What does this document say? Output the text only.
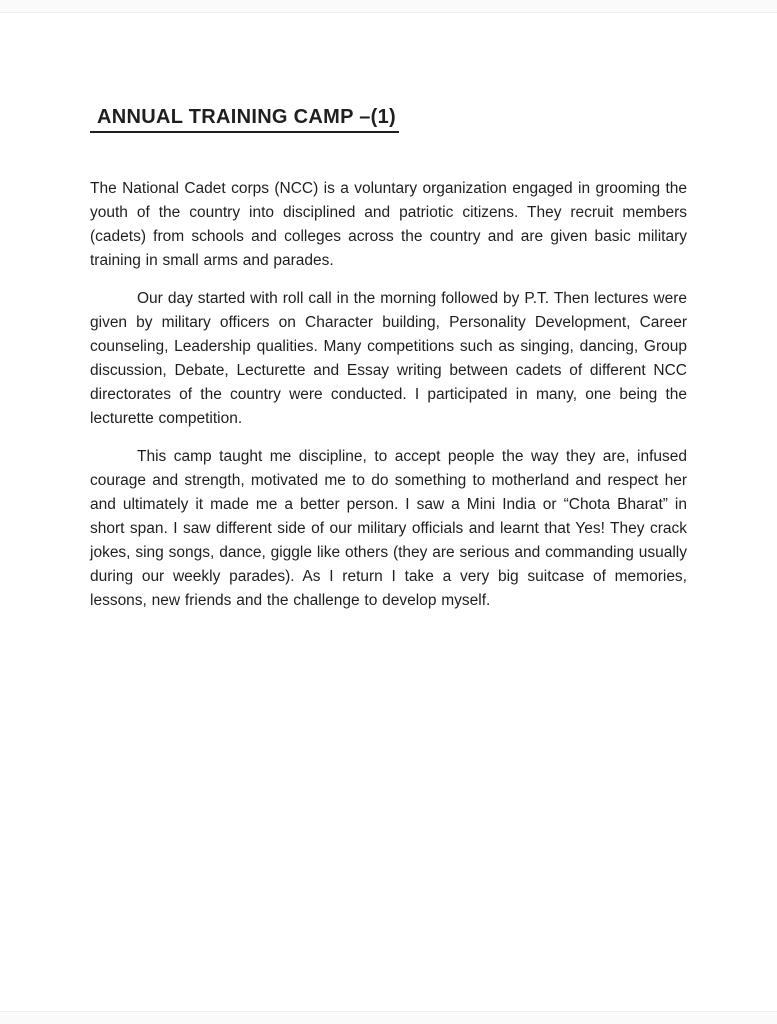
ANNUAL TRAINING CAMP –(1)

The National Cadet corps (NCC) is a voluntary organization engaged in grooming the youth of the country into disciplined and patriotic citizens. They recruit members (cadets) from schools and colleges across the country and are given basic military training in small arms and parades.

Our day started with roll call in the morning followed by P.T. Then lectures were given by military officers on Character building, Personality Development, Career counseling, Leadership qualities. Many competitions such as singing, dancing, Group discussion, Debate, Lecturette and Essay writing between cadets of different NCC directorates of the country were conducted. I participated in many, one being the lecturette competition.

This camp taught me discipline, to accept people the way they are, infused courage and strength, motivated me to do something to motherland and respect her and ultimately it made me a better person. I saw a Mini India or “Chota Bharat” in short span. I saw different side of our military officials and learnt that Yes! They crack jokes, sing songs, dance, giggle like others (they are serious and commanding usually during our weekly parades). As I return I take a very big suitcase of memories, lessons, new friends and the challenge to develop myself.
